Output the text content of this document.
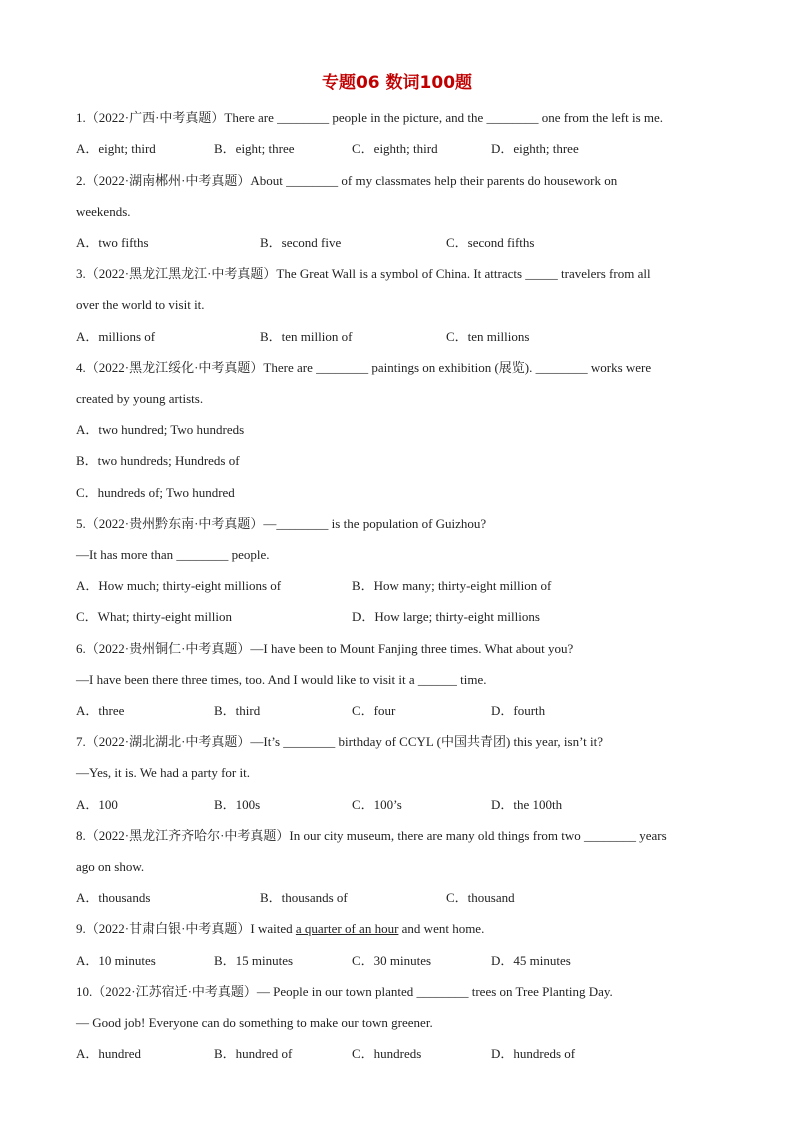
专题06 数词100题
1.（2022·广西·中考真题）There are ________ people in the picture, and the ________ one from the left is me.
A．eight; third	B．eight; three	C．eighth; third	D．eighth; three
2.（2022·湖南郴州·中考真题）About ________ of my classmates help their parents do housework on
weekends.
A．two fifths	B．second five	C．second fifths
3.（2022·黑龙江黑龙江·中考真题）The Great Wall is a symbol of China. It attracts _____ travelers from all
over the world to visit it.
A．millions of	B．ten million of	C．ten millions
4.（2022·黑龙江绥化·中考真题）There are ________ paintings on exhibition (展览). ________ works were
created by young artists.
A．two hundred; Two hundreds
B．two hundreds; Hundreds of
C．hundreds of; Two hundred
5.（2022·贵州黔东南·中考真题）—________ is the population of Guizhou?
—It has more than ________ people.
A．How much; thirty-eight millions of	B．How many; thirty-eight million of
C．What; thirty-eight million	D．How large; thirty-eight millions
6.（2022·贵州铜仁·中考真题）—I have been to Mount Fanjing three times. What about you?
—I have been there three times, too. And I would like to visit it a ______ time.
A．three	B．third	C．four	D．fourth
7.（2022·湖北湖北·中考真题）—It’s ________ birthday of CCYL (中国共青团) this year, isn’t it?
—Yes, it is. We had a party for it.
A．100	B．100s	C．100’s	D．the 100th
8.（2022·黑龙江齐齐哈尔·中考真题）In our city museum, there are many old things from two ________ years
ago on show.
A．thousands	B．thousands of	C．thousand
9.（2022·甘肃白银·中考真题）I waited a quarter of an hour and went home.
A．10 minutes	B．15 minutes	C．30 minutes	D．45 minutes
10.（2022·江苏宿迁·中考真题）— People in our town planted ________ trees on Tree Planting Day.
— Good job! Everyone can do something to make our town greener.
A．hundred	B．hundred of	C．hundreds	D．hundreds of
